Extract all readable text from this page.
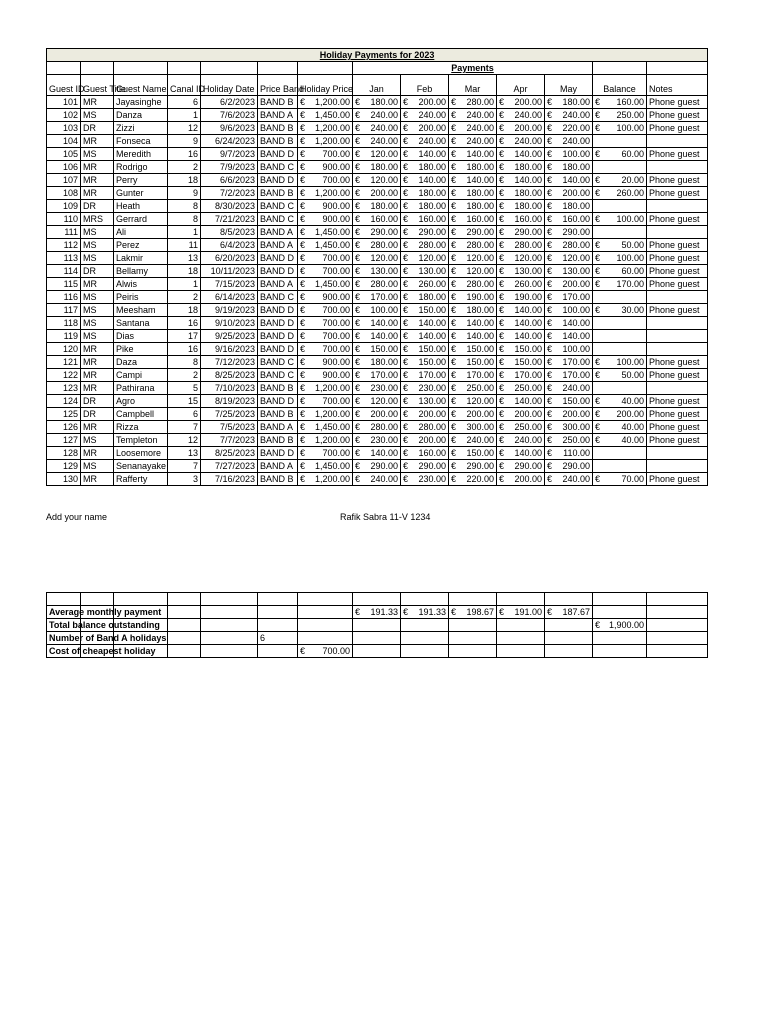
Holiday Payments for 2023													
							Payments						
Guest ID	Guest Title	Guest Name	Canal ID	Holiday Date	Price Band	Holiday Price	Jan	Feb	Mar	Apr	May	Balance	Notes
101	MR	Jayasinghe	6	6/2/2023	BAND B	€ 1,200.00	€ 180.00	€ 200.00	€ 280.00	€ 200.00	€ 180.00	€ 160.00	Phone guest
102	MS	Danza	1	7/6/2023	BAND A	€ 1,450.00	€ 240.00	€ 240.00	€ 240.00	€ 240.00	€ 240.00	€ 250.00	Phone guest
103	DR	Zizzi	12	9/6/2023	BAND B	€ 1,200.00	€ 240.00	€ 200.00	€ 240.00	€ 200.00	€ 220.00	€ 100.00	Phone guest
104	MR	Fonseca	9	6/24/2023	BAND B	€ 1,200.00	€ 240.00	€ 240.00	€ 240.00	€ 240.00	€ 240.00		

105	MS	Meredith	16	9/7/2023	BAND D	€ 700.00	€ 120.00	€ 140.00	€ 140.00	€ 140.00	€ 100.00	€ 60.00	Phone guest
106	MR	Rodrigo	2	7/9/2023	BAND C	€ 900.00	€ 180.00	€ 180.00	€ 180.00	€ 180.00	€ 180.00		

107	MR	Perry	18	6/6/2023	BAND D	€ 700.00	€ 120.00	€ 140.00	€ 140.00	€ 140.00	€ 140.00	€ 20.00	Phone guest
108	MR	Gunter	9	7/2/2023	BAND B	€ 1,200.00	€ 200.00	€ 180.00	€ 180.00	€ 180.00	€ 200.00	€ 260.00	Phone guest
109	DR	Heath	8	8/30/2023	BAND C	€ 900.00	€ 180.00	€ 180.00	€ 180.00	€ 180.00	€ 180.00		

110	MRS	Gerrard	8	7/21/2023	BAND C	€ 900.00	€ 160.00	€ 160.00	€ 160.00	€ 160.00	€ 160.00	€ 100.00	Phone guest
111	MS	Ali	1	8/5/2023	BAND A	€ 1,450.00	€ 290.00	€ 290.00	€ 290.00	€ 290.00	€ 290.00		

112	MS	Perez	11	6/4/2023	BAND A	€ 1,450.00	€ 280.00	€ 280.00	€ 280.00	€ 280.00	€ 280.00	€ 50.00	Phone guest
113	MS	Lakmir	13	6/20/2023	BAND D	€ 700.00	€ 120.00	€ 120.00	€ 120.00	€ 120.00	€ 120.00	€ 100.00	Phone guest
114	DR	Bellamy	18	10/11/2023	BAND D	€ 700.00	€ 130.00	€ 130.00	€ 120.00	€ 130.00	€ 130.00	€ 60.00	Phone guest
115	MR	Alwis	1	7/15/2023	BAND A	€ 1,450.00	€ 280.00	€ 260.00	€ 280.00	€ 260.00	€ 200.00	€ 170.00	Phone guest
116	MS	Peiris	2	6/14/2023	BAND C	€ 900.00	€ 170.00	€ 180.00	€ 190.00	€ 190.00	€ 170.00		

117	MS	Meesham	18	9/19/2023	BAND D	€ 700.00	€ 100.00	€ 150.00	€ 180.00	€ 140.00	€ 100.00	€ 30.00	Phone guest
118	MS	Santana	16	9/10/2023	BAND D	€ 700.00	€ 140.00	€ 140.00	€ 140.00	€ 140.00	€ 140.00		

119	MS	Dias	17	9/25/2023	BAND D	€ 700.00	€ 140.00	€ 140.00	€ 140.00	€ 140.00	€ 140.00		

120	MR	Pike	16	9/16/2023	BAND D	€ 700.00	€ 150.00	€ 150.00	€ 150.00	€ 150.00	€ 100.00		

121	MR	Daza	8	7/12/2023	BAND C	€ 900.00	€ 180.00	€ 150.00	€ 150.00	€ 150.00	€ 170.00	€ 100.00	Phone guest
122	MR	Campi	2	8/25/2023	BAND C	€ 900.00	€ 170.00	€ 170.00	€ 170.00	€ 170.00	€ 170.00	€ 50.00	Phone guest
123	MR	Pathirana	5	7/10/2023	BAND B	€ 1,200.00	€ 230.00	€ 230.00	€ 250.00	€ 250.00	€ 240.00		

124	DR	Agro	15	8/19/2023	BAND D	€ 700.00	€ 120.00	€ 130.00	€ 120.00	€ 140.00	€ 150.00	€ 40.00	Phone guest
125	DR	Campbell	6	7/25/2023	BAND B	€ 1,200.00	€ 200.00	€ 200.00	€ 200.00	€ 200.00	€ 200.00	€ 200.00	Phone guest
126	MR	Rizza	7	7/5/2023	BAND A	€ 1,450.00	€ 280.00	€ 280.00	€ 300.00	€ 250.00	€ 300.00	€ 40.00	Phone guest
127	MS	Templeton	12	7/7/2023	BAND B	€ 1,200.00	€ 230.00	€ 200.00	€ 240.00	€ 240.00	€ 250.00	€ 40.00	Phone guest
128	MR	Loosemore	13	8/25/2023	BAND D	€ 700.00	€ 140.00	€ 160.00	€ 150.00	€ 140.00	€ 110.00		

129	MS	Senanayake	7	7/27/2023	BAND A	€ 1,450.00	€ 290.00	€ 290.00	€ 290.00	€ 290.00	€ 290.00		

130	MR	Rafferty	3	7/16/2023	BAND B	€ 1,200.00	€ 240.00	€ 230.00	€ 220.00	€ 200.00	€ 240.00	€ 70.00	Phone guest
Add your name	Rafik Sabra 11-V 1234

Average monthly payment							€ 191.33	€ 191.33	€ 198.67	€ 191.00	€ 187.67		

Total balance outstanding												€ 1,900.00	

Number of Band A holidays					6								
Cost of cheapest holiday						€ 700.00							
